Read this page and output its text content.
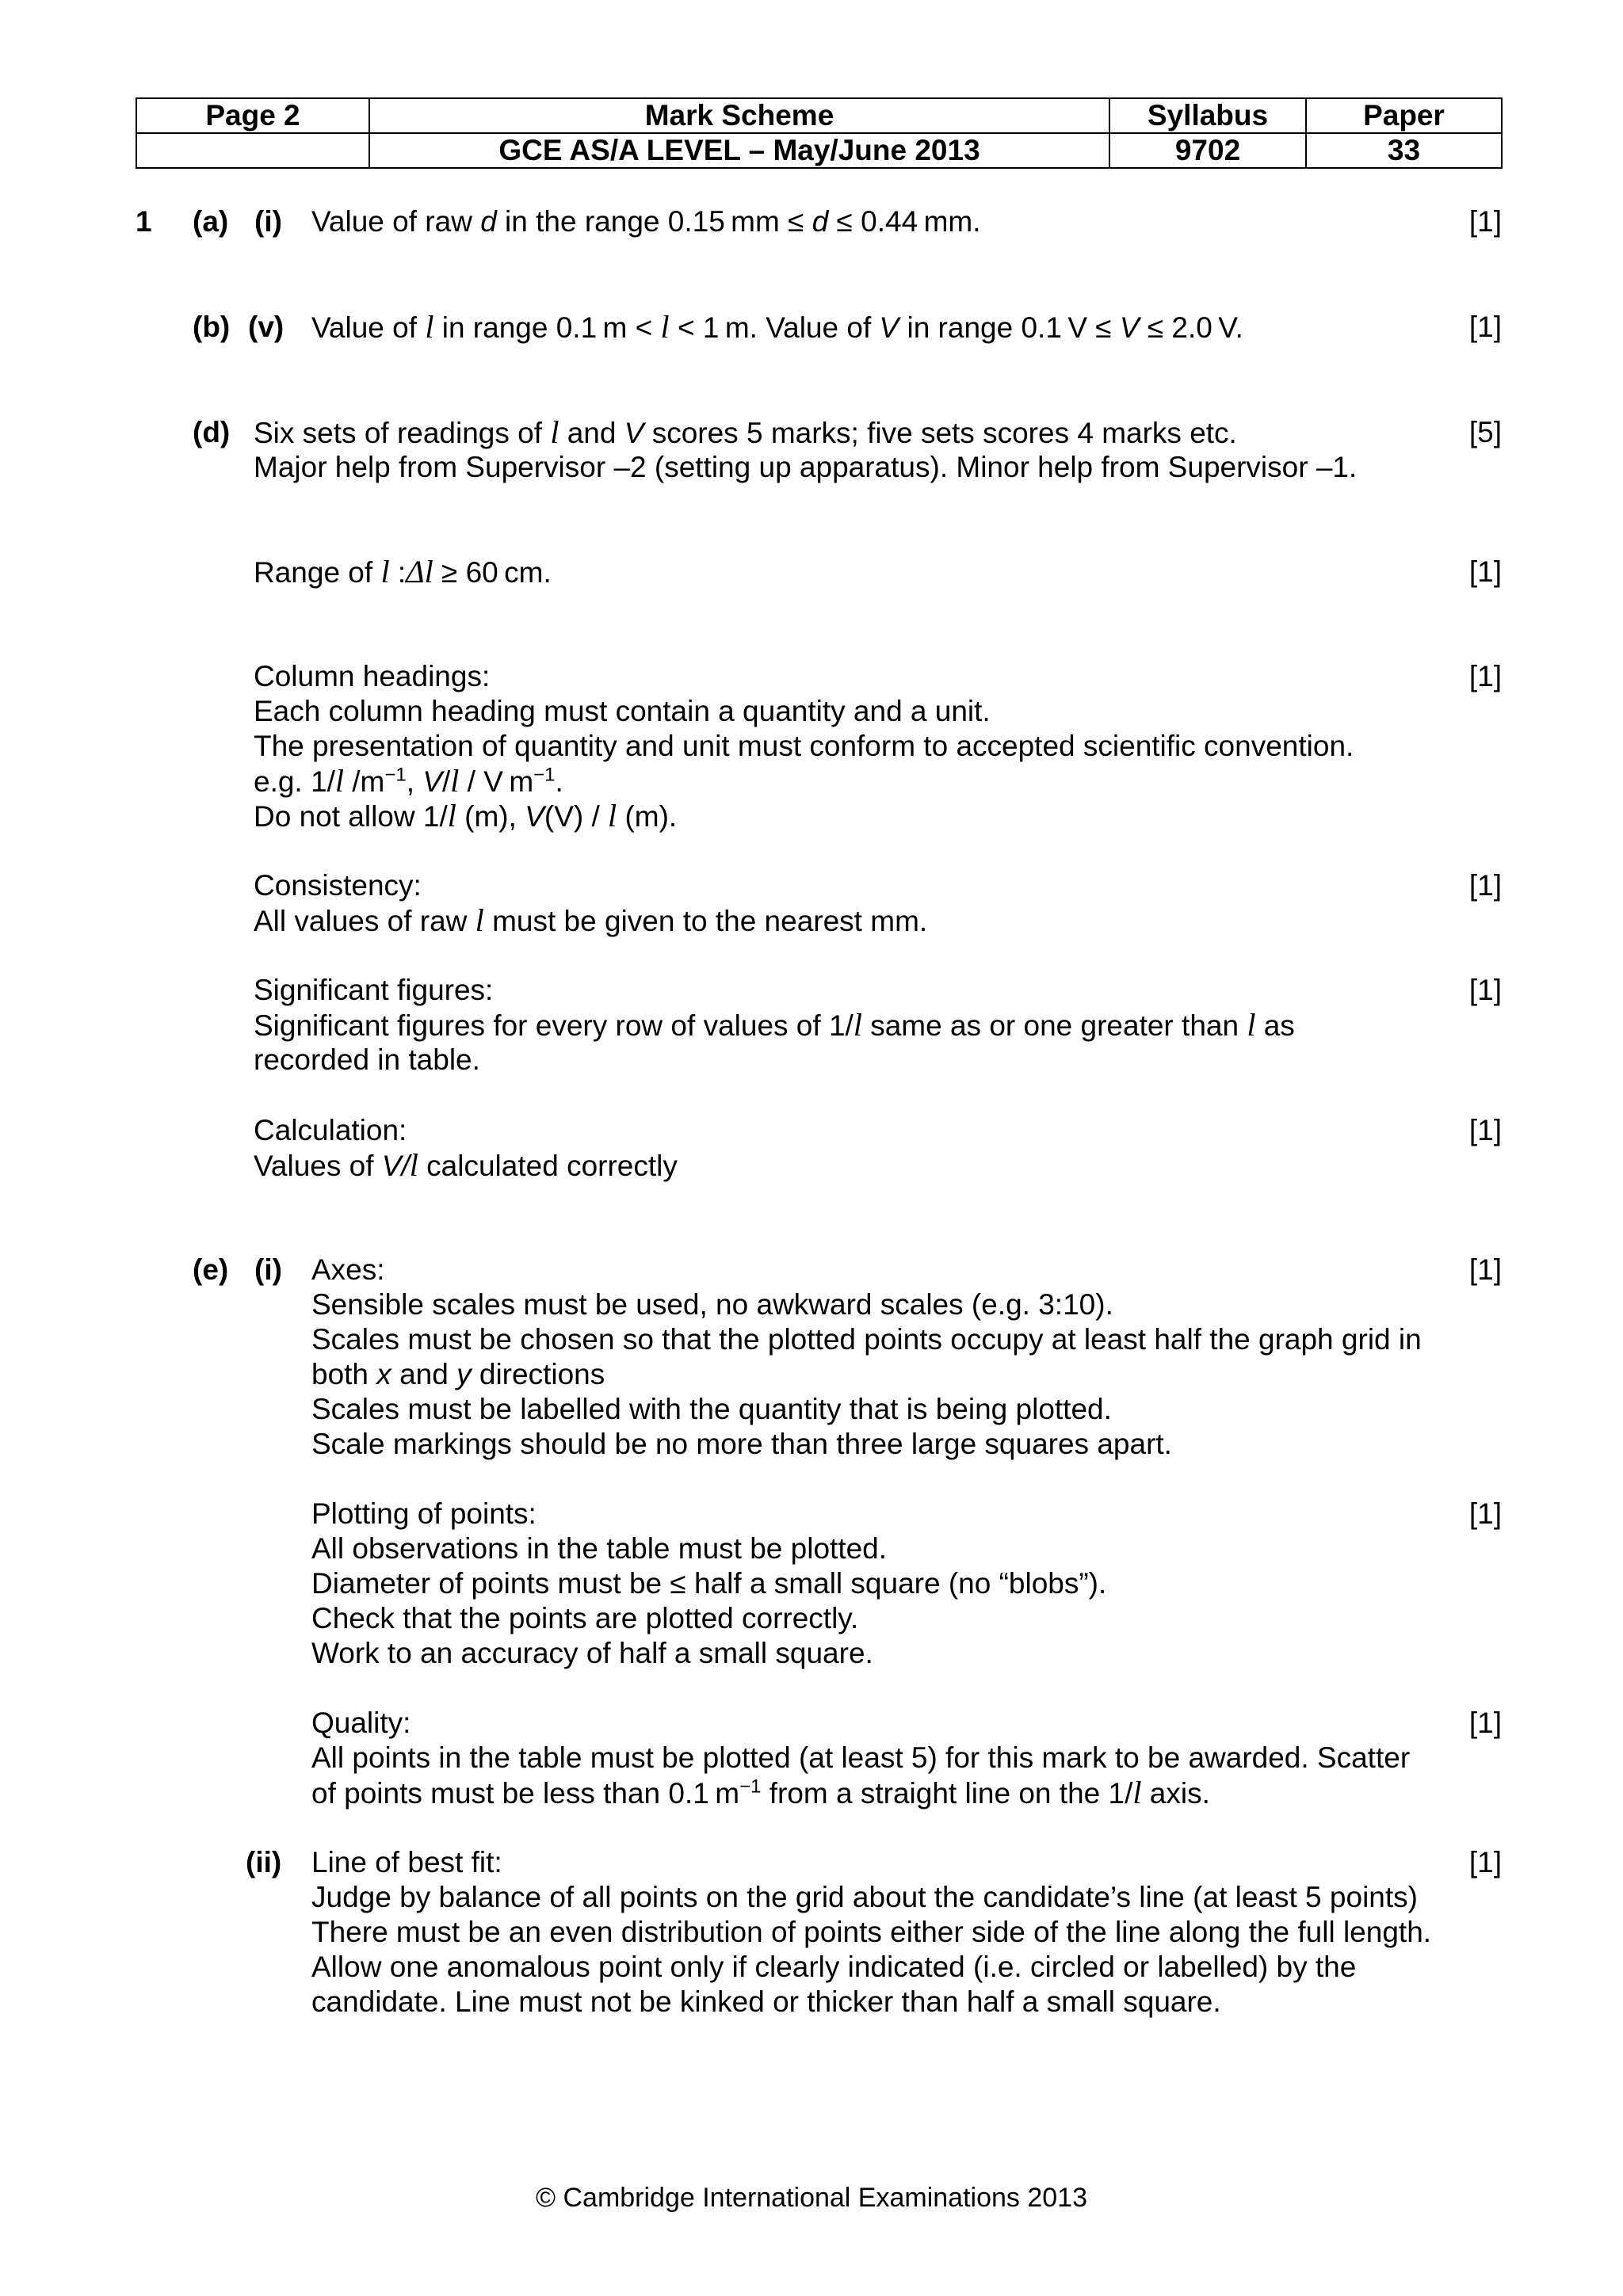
Page 2	Mark Scheme	Syllabus	Paper
	GCE AS/A LEVEL – May/June 2013	9702	33
1 (a) (i) Value of raw d in the range 0.15 mm ≤ d ≤ 0.44 mm.	[1]
(b) (v) Value of l in range 0.1 m < l < 1 m. Value of V in range 0.1 V ≤ V ≤ 2.0 V.	[1]
(d) Six sets of readings of l and V scores 5 marks; five sets scores 4 marks etc.
Major help from Supervisor –2 (setting up apparatus). Minor help from Supervisor –1.
[5]
Range of l :Δl ≥ 60 cm.	[1]
Column headings:
Each column heading must contain a quantity and a unit.
The presentation of quantity and unit must conform to accepted scientific convention.
e.g. 1/l $/m^{-1}$, V/l / V $m^{-1}$.
Do not allow 1/l (m), V(V) / l (m).
[1]
Consistency:
All values of raw l must be given to the nearest mm.
[1]
Significant figures:
Significant figures for every row of values of 1/l same as or one greater than l as
recorded in table.
[1]
Calculation:
Values of V/l calculated correctly
[1]
(e) (i) Axes:
Sensible scales must be used, no awkward scales (e.g. 3:10).
Scales must be chosen so that the plotted points occupy at least half the graph grid in
both x and y directions
Scales must be labelled with the quantity that is being plotted.
Scale markings should be no more than three large squares apart.
[1]
Plotting of points:
All observations in the table must be plotted.
Diameter of points must be ≤ half a small square (no “blobs”).
Check that the points are plotted correctly.
Work to an accuracy of half a small square.
[1]
Quality:
All points in the table must be plotted (at least 5) for this mark to be awarded. Scatter
of points must be less than 0.1 $m^{-1}$ from a straight line on the 1/l axis.
[1]
(ii) Line of best fit:
Judge by balance of all points on the grid about the candidate’s line (at least 5 points)
There must be an even distribution of points either side of the line along the full length.
Allow one anomalous point only if clearly indicated (i.e. circled or labelled) by the
candidate. Line must not be kinked or thicker than half a small square.
[1]
© Cambridge International Examinations 2013
